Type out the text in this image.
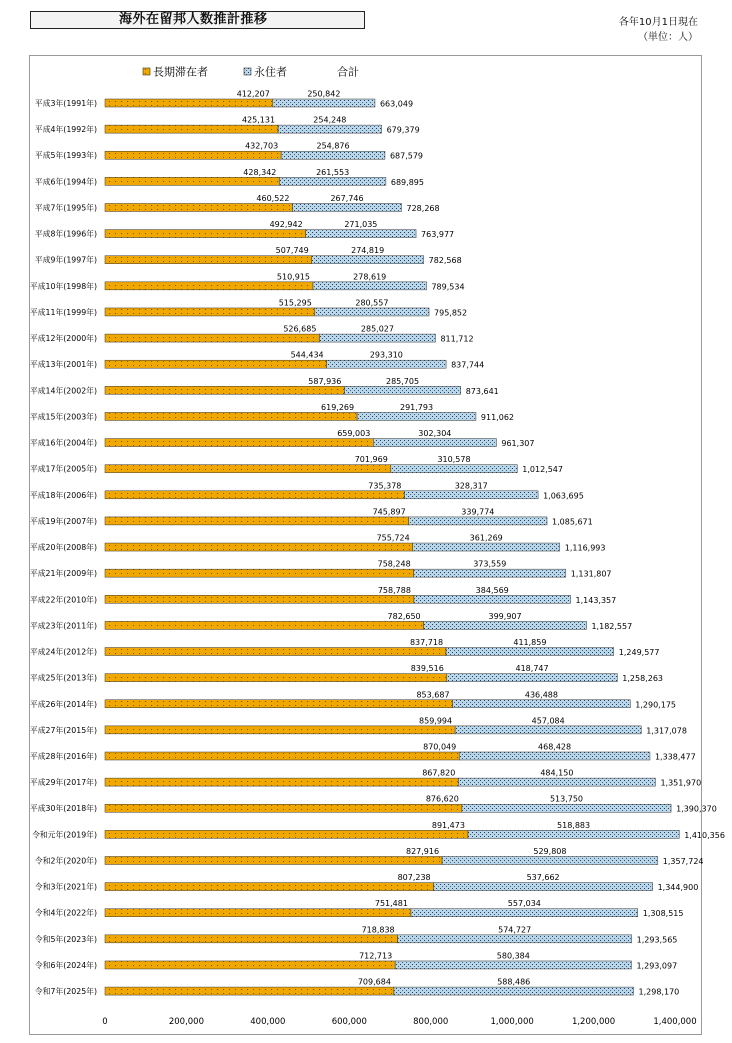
海外在留邦人数推計推移	各年10月1日現在
（単位：人）
長期滞在者	永住者	合計
0	200,000	400,000	600,000	800,000	1,000,000	1,200,000	1,400,000
平成3年(1991年)
平成4年(1992年)
平成5年(1993年)
平成6年(1994年)
平成7年(1995年)
平成8年(1996年)
平成9年(1997年)
平成10年(1998年)
平成11年(1999年)
平成12年(2000年)
平成13年(2001年)
平成14年(2002年)
平成15年(2003年)
平成16年(2004年)
平成17年(2005年)
平成18年(2006年)
平成19年(2007年)
平成20年(2008年)
平成21年(2009年)
平成22年(2010年)
平成23年(2011年)
平成24年(2012年)
平成25年(2013年)
平成26年(2014年)
平成27年(2015年)
平成28年(2016年)
平成29年(2017年)
平成30年(2018年)
令和元年(2019年)
令和2年(2020年)
令和3年(2021年)
令和4年(2022年)
令和5年(2023年)
令和6年(2024年)
令和7年(2025年)
412,207	250,842
663,049
425,131	254,248
679,379
432,703	254,876
687,579
428,342	261,553
689,895
460,522	267,746
728,268
492,942	271,035
763,977
507,749	274,819
782,568
510,915	278,619
789,534
515,295	280,557
795,852
526,685	285,027
811,712
544,434	293,310
837,744
587,936	285,705
873,641
619,269	291,793
911,062
659,003	302,304
961,307
701,969	310,578
1,012,547
735,378	328,317
1,063,695
745,897	339,774
1,085,671
755,724	361,269
1,116,993
758,248	373,559
1,131,807
758,788	384,569
1,143,357
782,650	399,907
1,182,557
837,718	411,859
1,249,577
839,516	418,747
1,258,263
853,687	436,488
1,290,175
859,994	457,084
1,317,078
870,049	468,428
1,338,477
867,820	484,150
1,351,970
876,620	513,750
1,390,370
891,473	518,883
1,410,356
827,916	529,808
1,357,724
807,238	537,662
1,344,900
751,481	557,034
1,308,515
718,838	574,727
1,293,565
712,713	580,384
1,293,097
709,684	588,486
1,298,170
